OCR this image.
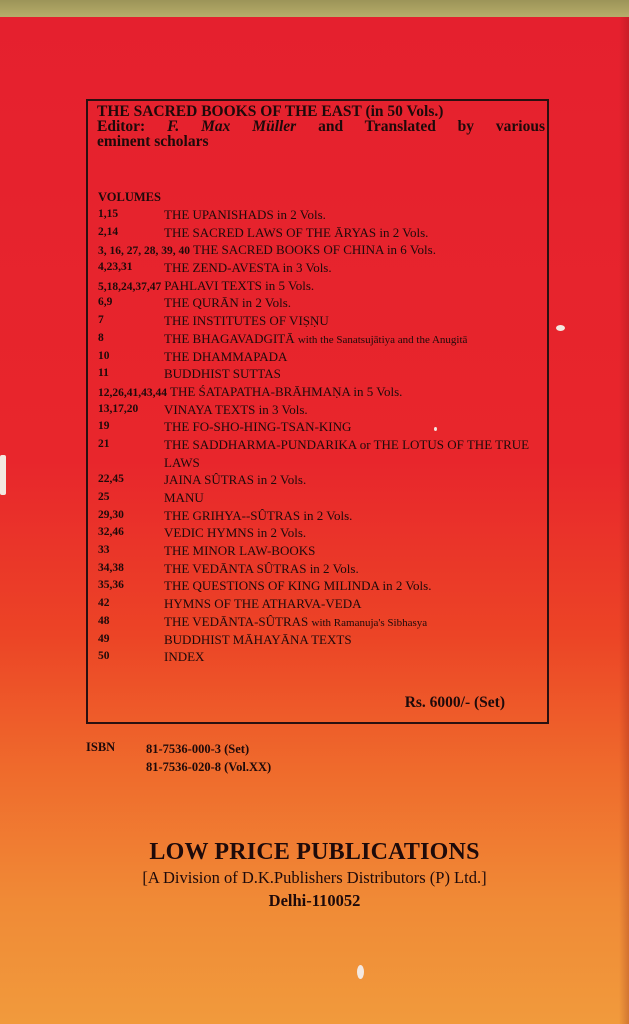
THE SACRED BOOKS OF THE EAST (in 50 Vols.)
Editor: F. Max Müller and Translated by various
eminent scholars
VOLUMES
1,15	THE UPANISHADS in 2 Vols.
2,14	THE SACRED LAWS OF THE ĀRYAS in 2 Vols.
3, 16, 27, 28, 39, 40 THE SACRED BOOKS OF CHINA in 6 Vols.
4,23,31 THE ZEND-AVESTA in 3 Vols.
5,18,24,37,47 PAHLAVI TEXTS in 5 Vols.
6,9	THE QURĀN in 2 Vols.
7	THE INSTITUTES OF VIṢṆU
8	THE BHAGAVADGITĀ with the Sanatsujātiya and the Anugitā
10	THE DHAMMAPADA
11	BUDDHIST SUTTAS
12,26,41,43,44 THE ŚATAPATHA-BRĀHMAṆA in 5 Vols.
13,17,20 VINAYA TEXTS in 3 Vols.
19	THE FO-SHO-HING-TSAN-KING
21	THE SADDHARMA-PUNDARIKA or THE LOTUS OF THE TRUE LAWS
22,45	JAINA SÛTRAS in 2 Vols.
25	MANU
29,30	THE GRIHYA--SÛTRAS in 2 Vols.
32,46	VEDIC HYMNS in 2 Vols.
33	THE MINOR LAW-BOOKS
34,38	THE VEDĀNTA SÛTRAS in 2 Vols.
35,36	THE QUESTIONS OF KING MILINDA in 2 Vols.
42	HYMNS OF THE ATHARVA-VEDA
48	THE VEDĀNTA-SÛTRAS with Ramanuja's Sibhasya
49	BUDDHIST MĀHAYĀNA TEXTS
50	INDEX
Rs. 6000/- (Set)
ISBN 81-7536-000-3 (Set)
81-7536-020-8 (Vol.XX)
LOW PRICE PUBLICATIONS
[A Division of D.K.Publishers Distributors (P) Ltd.]
Delhi-110052
